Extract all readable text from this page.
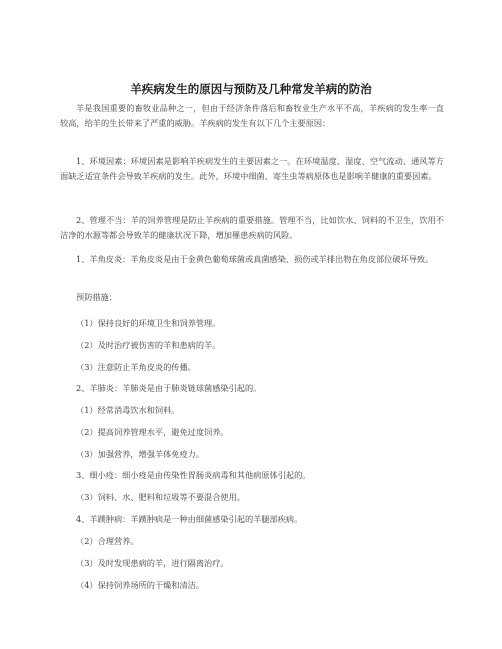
羊疾病发生的原因与预防及几种常发羊病的防治
羊是我国重要的畜牧业品种之一，但由于经济条件落后和畜牧业生产水平不高，羊疾病的发生率一直较高，给羊的生长带来了严重的威胁。羊疾病的发生有以下几个主要原因：
1、环境因素：环境因素是影响羊疾病发生的主要因素之一。在环境温度、湿度、空气流动、通风等方面缺乏适宜条件会导致羊疾病的发生。此外，环境中细菌、寄生虫等病原体也是影响羊健康的重要因素。
2、管理不当：羊的饲养管理是防止羊疾病的重要措施。管理不当，比如饮水、饲料的不卫生，饮用不洁净的水源等都会导致羊的健康状况下降，增加罹患疾病的风险。
1、羊角皮炎：羊角皮炎是由于金黄色葡萄球菌或真菌感染、损伤或羊排出物在角皮部位破坏导致。
预防措施：
（1）保持良好的环境卫生和饲养管理。
（2）及时治疗被伤害的羊和患病的羊。
（3）注意防止羊角皮炎的传播。
2、羊肺炎：羊肺炎是由于肺炎链球菌感染引起的。
（1）经常消毒饮水和饲料。
（2）提高饲养管理水平，避免过度饲养。
（3）加强营养，增强羊体免疫力。
3、细小疫：细小疫是由传染性胃肠炎病毒和其他病原体引起的。
（3）饲料、水、肥料和垃圾等不要混合使用。
4、羊蹼肿病：羊蹼肿病是一种由细菌感染引起的羊腿部疾病。
（2）合理营养。
（3）及时发现患病的羊，进行隔离治疗。
（4）保持饲养场所的干燥和清洁。
